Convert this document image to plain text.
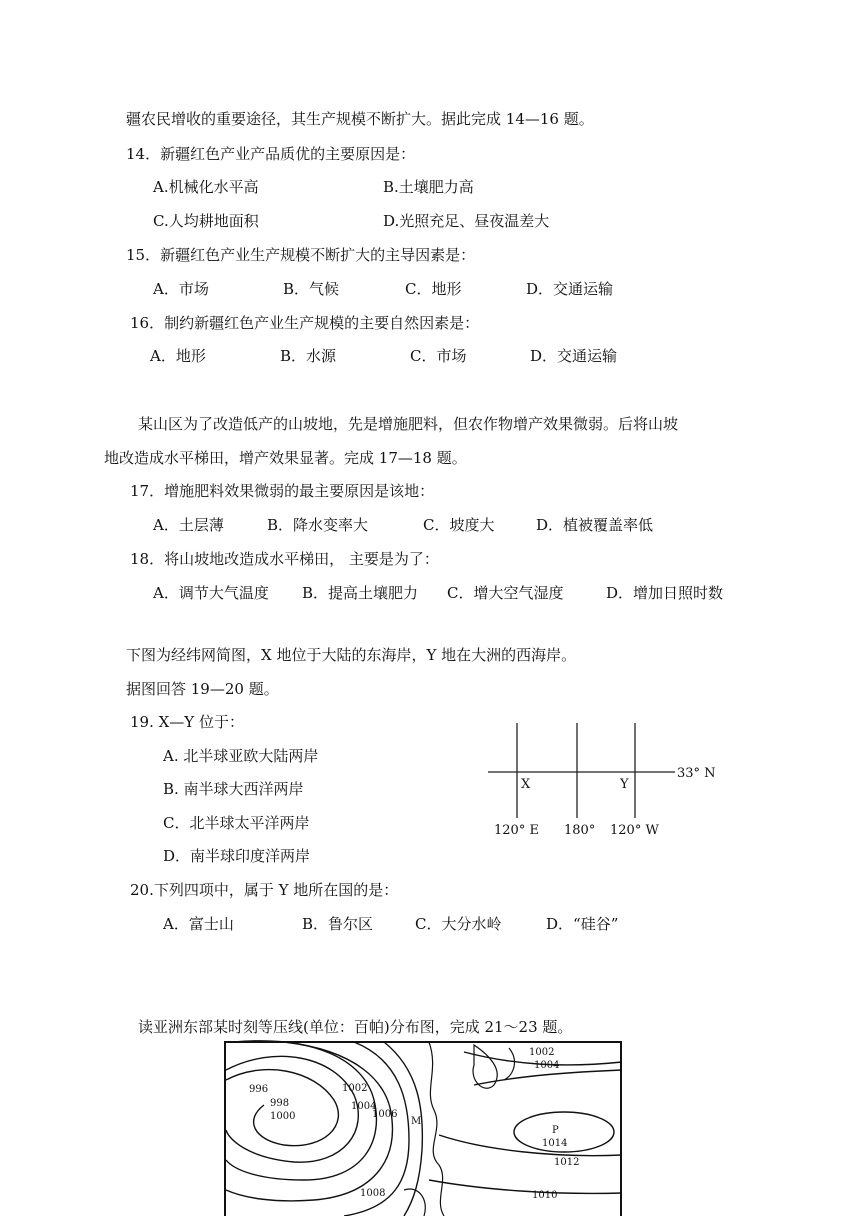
疆农民增收的重要途径，其生产规模不断扩大。据此完成 14—16 题。
14．新疆红色产业产品质优的主要原因是：
A.机械化水平高	B.土壤肥力高
C.人均耕地面积	D.光照充足、昼夜温差大
15．新疆红色产业生产规模不断扩大的主导因素是：
A．市场	B．气候	C．地形	D．交通运输
16．制约新疆红色产业生产规模的主要自然因素是：
A．地形	B．水源	C．市场	D．交通运输
某山区为了改造低产的山坡地，先是增施肥料，但农作物增产效果微弱。后将山坡
地改造成水平梯田，增产效果显著。完成 17—18 题。
17．增施肥料效果微弱的最主要原因是该地：
A．土层薄	B．降水变率大	C．坡度大	D．植被覆盖率低
18．将山坡地改造成水平梯田， 主要是为了：
A．调节大气温度 B．提高土壤肥力 C．增大空气湿度	D．增加日照时数
下图为经纬网简图，X 地位于大陆的东海岸，Y 地在大洲的西海岸。
据图回答 19—20 题。
19. X—Y 位于：
A. 北半球亚欧大陆两岸
B. 南半球大西洋两岸
C．北半球太平洋两岸
D．南半球印度洋两岸
20.下列四项中，属于 Y 地所在国的是：
A．富士山	B．鲁尔区	C．大分水岭	D．“硅谷”
X	Y
33° N
120° E 180° 120° W
读亚洲东部某时刻等压线(单位：百帕)分布图，完成 21～23 题。
996
998
1000
1002
1004
1006
M
1002
1004
P
1014
1012
1010
1008
